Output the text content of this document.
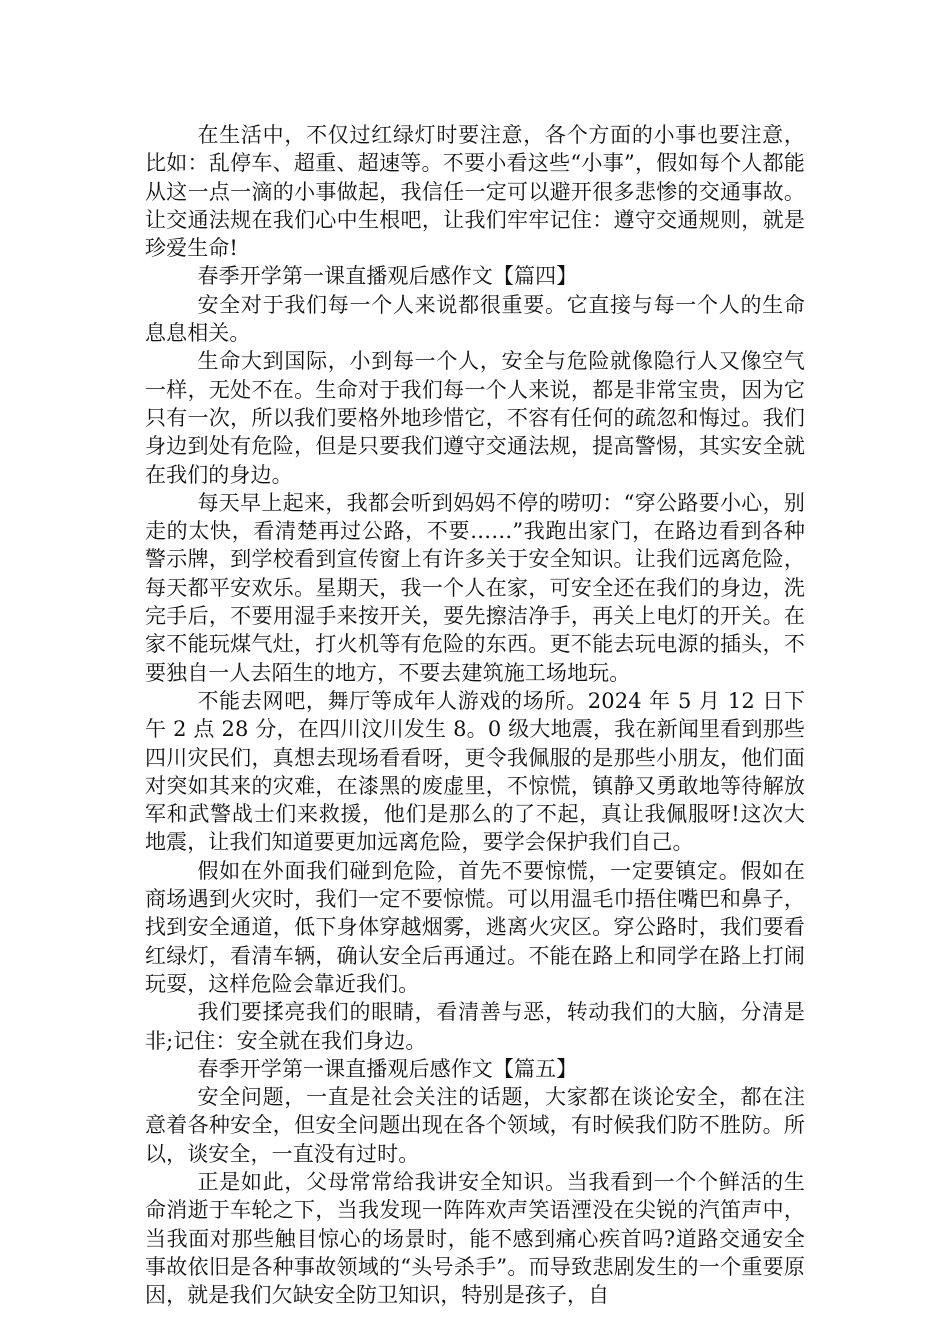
在生活中，不仅过红绿灯时要注意，各个方面的小事也要注意，比如：乱停车、超重、超速等。不要小看这些“小事”，假如每个人都能从这一点一滴的小事做起，我信任一定可以避开很多悲惨的交通事故。让交通法规在我们心中生根吧，让我们牢牢记住：遵守交通规则，就是珍爱生命!

春季开学第一课直播观后感作文【篇四】

安全对于我们每一个人来说都很重要。它直接与每一个人的生命息息相关。

生命大到国际，小到每一个人，安全与危险就像隐行人又像空气一样，无处不在。生命对于我们每一个人来说，都是非常宝贵，因为它只有一次，所以我们要格外地珍惜它，不容有任何的疏忽和悔过。我们身边到处有危险，但是只要我们遵守交通法规，提高警惕，其实安全就在我们的身边。

每天早上起来，我都会听到妈妈不停的唠叨：“穿公路要小心，别走的太快，看清楚再过公路，不要……”我跑出家门，在路边看到各种警示牌，到学校看到宣传窗上有许多关于安全知识。让我们远离危险，每天都平安欢乐。星期天，我一个人在家，可安全还在我们的身边，洗完手后，不要用湿手来按开关，要先擦洁净手，再关上电灯的开关。在家不能玩煤气灶，打火机等有危险的东西。更不能去玩电源的插头，不要独自一人去陌生的地方，不要去建筑施工场地玩。

不能去网吧，舞厅等成年人游戏的场所。2024 年 5 月 12 日下午 2 点 28 分，在四川汶川发生 8。0 级大地震，我在新闻里看到那些四川灾民们，真想去现场看看呀，更令我佩服的是那些小朋友，他们面对突如其来的灾难，在漆黑的废虚里，不惊慌，镇静又勇敢地等待解放军和武警战士们来救援，他们是那么的了不起，真让我佩服呀!这次大地震，让我们知道要更加远离危险，要学会保护我们自己。

假如在外面我们碰到危险，首先不要惊慌，一定要镇定。假如在商场遇到火灾时，我们一定不要惊慌。可以用温毛巾捂住嘴巴和鼻子，找到安全通道，低下身体穿越烟雾，逃离火灾区。穿公路时，我们要看红绿灯，看清车辆，确认安全后再通过。不能在路上和同学在路上打闹玩耍，这样危险会靠近我们。

我们要揉亮我们的眼睛，看清善与恶，转动我们的大脑，分清是非;记住：安全就在我们身边。

春季开学第一课直播观后感作文【篇五】

安全问题，一直是社会关注的话题，大家都在谈论安全，都在注意着各种安全，但安全问题出现在各个领域，有时候我们防不胜防。所以，谈安全，一直没有过时。

正是如此，父母常常给我讲安全知识。当我看到一个个鲜活的生命消逝于车轮之下，当我发现一阵阵欢声笑语湮没在尖锐的汽笛声中，当我面对那些触目惊心的场景时，能不感到痛心疾首吗?道路交通安全事故依旧是各种事故领域的“头号杀手”。而导致悲剧发生的一个重要原因，就是我们欠缺安全防卫知识，特别是孩子，自
